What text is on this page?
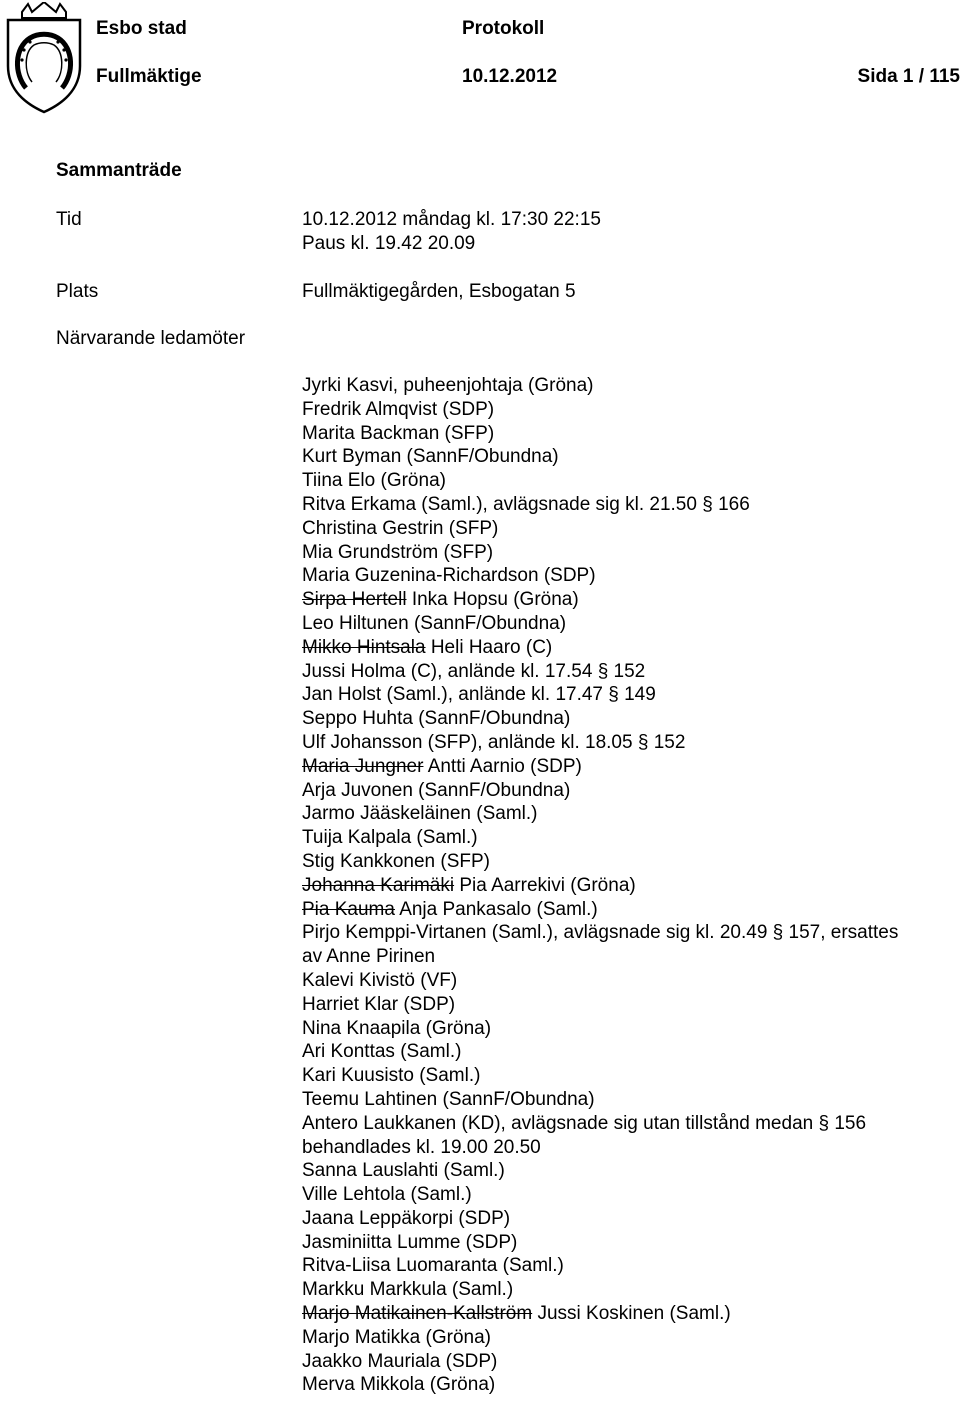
Esbo stad	Protokoll
Fullmäktige	10.12.2012	Sida 1 / 115
Sammanträde
Tid	10.12.2012 måndag kl. 17:30 22:15
Paus kl. 19.42 20.09
Plats	Fullmäktigegården, Esbogatan 5
Närvarande ledamöter
Jyrki Kasvi, puheenjohtaja (Gröna)
Fredrik Almqvist (SDP)
Marita Backman (SFP)
Kurt Byman (SannF/Obundna)
Tiina Elo (Gröna)
Ritva Erkama (Saml.), avlägsnade sig kl. 21.50 § 166
Christina Gestrin (SFP)
Mia Grundström (SFP)
Maria Guzenina-Richardson (SDP)
Sirpa Hertell Inka Hopsu (Gröna)
Leo Hiltunen (SannF/Obundna)
Mikko Hintsala Heli Haaro (C)
Jussi Holma (C), anlände kl. 17.54 § 152
Jan Holst (Saml.), anlände kl. 17.47 § 149
Seppo Huhta (SannF/Obundna)
Ulf Johansson (SFP), anlände kl. 18.05 § 152
Maria Jungner Antti Aarnio (SDP)
Arja Juvonen (SannF/Obundna)
Jarmo Jääskeläinen (Saml.)
Tuija Kalpala (Saml.)
Stig Kankkonen (SFP)
Johanna Karimäki Pia Aarrekivi (Gröna)
Pia Kauma Anja Pankasalo (Saml.)
Pirjo Kemppi-Virtanen (Saml.), avlägsnade sig kl. 20.49 § 157, ersattes
av Anne Pirinen
Kalevi Kivistö (VF)
Harriet Klar (SDP)
Nina Knaapila (Gröna)
Ari Konttas (Saml.)
Kari Kuusisto (Saml.)
Teemu Lahtinen (SannF/Obundna)
Antero Laukkanen (KD), avlägsnade sig utan tillstånd medan § 156
behandlades kl. 19.00 20.50
Sanna Lauslahti (Saml.)
Ville Lehtola (Saml.)
Jaana Leppäkorpi (SDP)
Jasminiitta Lumme (SDP)
Ritva-Liisa Luomaranta (Saml.)
Markku Markkula (Saml.)
Marjo Matikainen-Kallström Jussi Koskinen (Saml.)
Marjo Matikka (Gröna)
Jaakko Mauriala (SDP)
Merva Mikkola (Gröna)
